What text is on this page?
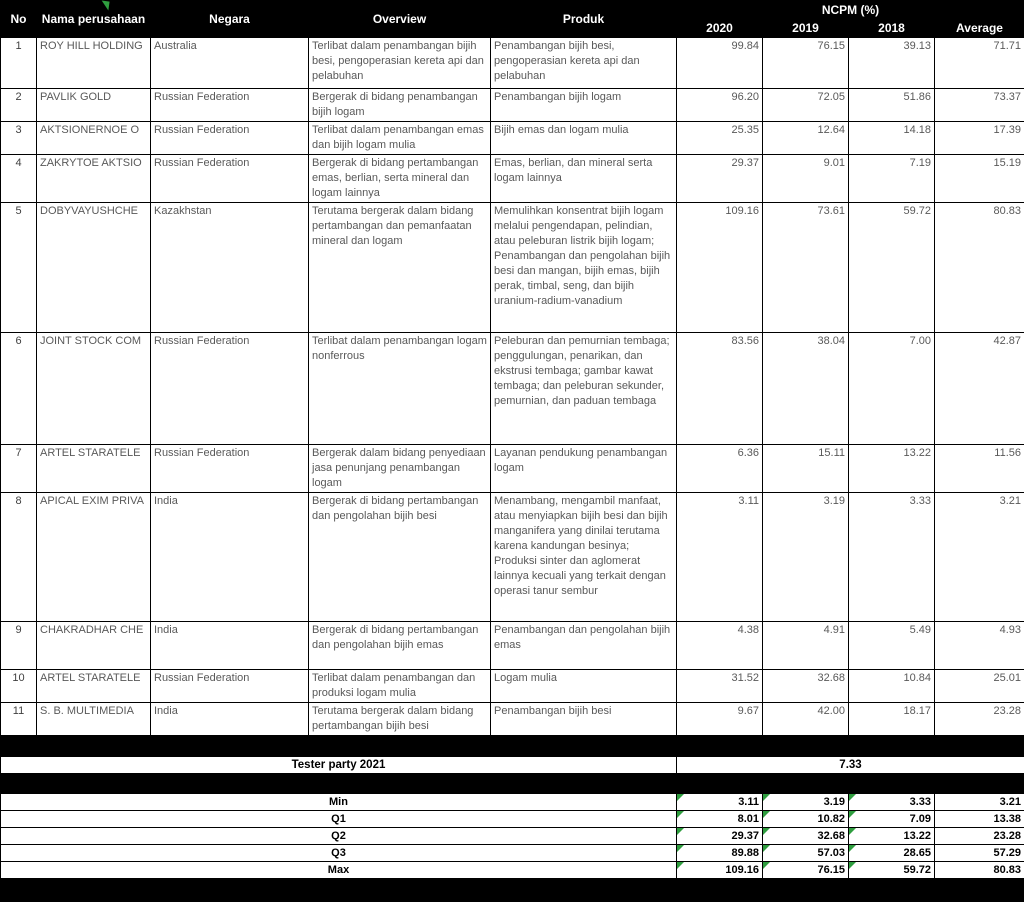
No	Nama perusahaan	Negara	Overview	Produk	NCPM (%)			
					2020	2019	2018	Average
1	ROY HILL HOLDING	Australia	Terlibat dalam penambangan bijih besi, pengoperasian kereta api dan pelabuhan	Penambangan bijih besi, pengoperasian kereta api dan pelabuhan	99.84	76.15	39.13	71.71
2	PAVLIK GOLD	Russian Federation	Bergerak di bidang penambangan bijih logam	Penambangan bijih logam	96.20	72.05	51.86	73.37
3	AKTSIONERNOE O	Russian Federation	Terlibat dalam penambangan emas dan bijih logam mulia	Bijih emas dan logam mulia	25.35	12.64	14.18	17.39
4	ZAKRYTOE AKTSIO	Russian Federation	Bergerak di bidang pertambangan emas, berlian, serta mineral dan logam lainnya	Emas, berlian, dan mineral serta logam lainnya	29.37	9.01	7.19	15.19
5	DOBYVAYUSHCHE	Kazakhstan	Terutama bergerak dalam bidang pertambangan dan pemanfaatan mineral dan logam	Memulihkan konsentrat bijih logam melalui pengendapan, pelindian, atau peleburan listrik bijih logam; Penambangan dan pengolahan bijih besi dan mangan, bijih emas, bijih perak, timbal, seng, dan bijih uranium-radium-vanadium	109.16	73.61	59.72	80.83
6	JOINT STOCK COM	Russian Federation	Terlibat dalam penambangan logam nonferrous	Peleburan dan pemurnian tembaga; penggulungan, penarikan, dan ekstrusi tembaga; gambar kawat tembaga; dan peleburan sekunder, pemurnian, dan paduan tembaga	83.56	38.04	7.00	42.87
7	ARTEL STARATELE	Russian Federation	Bergerak dalam bidang penyediaan jasa penunjang penambangan logam	Layanan pendukung penambangan logam	6.36	15.11	13.22	11.56
8	APICAL EXIM PRIVA	India	Bergerak di bidang pertambangan dan pengolahan bijih besi	Menambang, mengambil manfaat, atau menyiapkan bijih besi dan bijih manganifera yang dinilai terutama karena kandungan besinya; Produksi sinter dan aglomerat lainnya kecuali yang terkait dengan operasi tanur sembur	3.11	3.19	3.33	3.21
9	CHAKRADHAR CHE	India	Bergerak di bidang pertambangan dan pengolahan bijih emas	Penambangan dan pengolahan bijih emas	4.38	4.91	5.49	4.93
10	ARTEL STARATELE	Russian Federation	Terlibat dalam penambangan dan produksi logam mulia	Logam mulia	31.52	32.68	10.84	25.01
11	S. B. MULTIMEDIA	India	Terutama bergerak dalam bidang pertambangan bijih besi	Penambangan bijih besi	9.67	42.00	18.17	23.28
Tester party 2021	7.33
Min	3.11	3.19	3.33	3.21
Q1	8.01	10.82	7.09	13.38
Q2	29.37	32.68	13.22	23.28
Q3	89.88	57.03	28.65	57.29
Max	109.16	76.15	59.72	80.83
